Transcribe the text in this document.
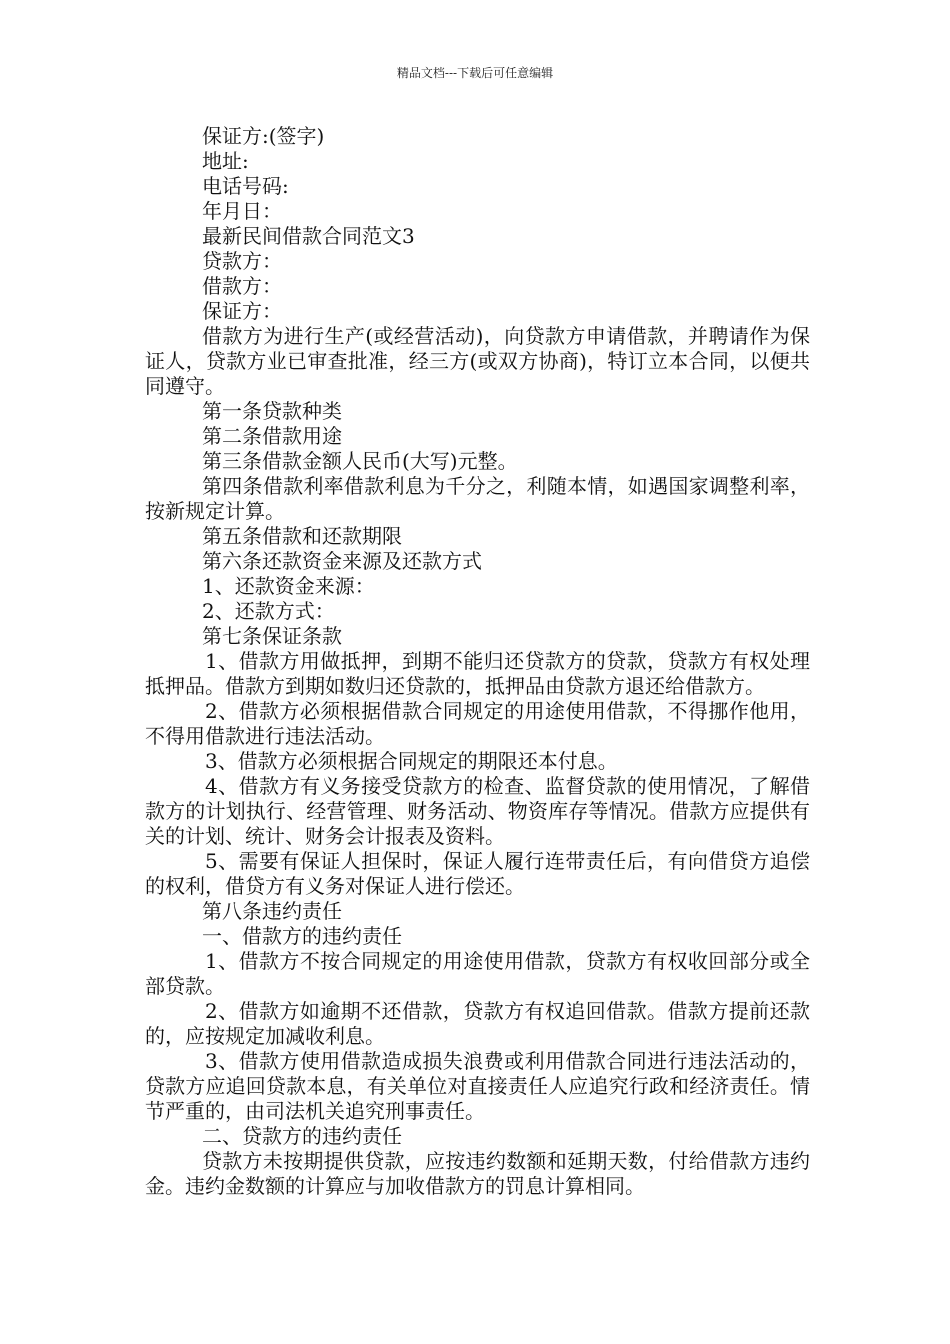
精品文档---下载后可任意编辑

保证方:(签字)

地址:

电话号码:

年月日：

最新民间借款合同范文3

贷款方：

借款方：

保证方：

借款方为进行生产(或经营活动)，向贷款方申请借款，并聘请作为保证人，贷款方业已审查批准，经三方(或双方协商)，特订立本合同，以便共同遵守。

第一条贷款种类

第二条借款用途

第三条借款金额人民币(大写)元整。

第四条借款利率借款利息为千分之，利随本情，如遇国家调整利率，按新规定计算。

第五条借款和还款期限

第六条还款资金来源及还款方式

1、还款资金来源：

2、还款方式：

第七条保证条款

1、借款方用做抵押，到期不能归还贷款方的贷款，贷款方有权处理抵押品。借款方到期如数归还贷款的，抵押品由贷款方退还给借款方。

2、借款方必须根据借款合同规定的用途使用借款，不得挪作他用，不得用借款进行违法活动。

3、借款方必须根据合同规定的期限还本付息。

4、借款方有义务接受贷款方的检查、监督贷款的使用情况，了解借款方的计划执行、经营管理、财务活动、物资库存等情况。借款方应提供有关的计划、统计、财务会计报表及资料。

5、需要有保证人担保时，保证人履行连带责任后，有向借贷方追偿的权利，借贷方有义务对保证人进行偿还。

第八条违约责任

一、借款方的违约责任

1、借款方不按合同规定的用途使用借款，贷款方有权收回部分或全部贷款。

2、借款方如逾期不还借款，贷款方有权追回借款。借款方提前还款的，应按规定加减收利息。

3、借款方使用借款造成损失浪费或利用借款合同进行违法活动的，贷款方应追回贷款本息，有关单位对直接责任人应追究行政和经济责任。情节严重的，由司法机关追究刑事责任。

二、贷款方的违约责任

贷款方未按期提供贷款，应按违约数额和延期天数，付给借款方违约金。违约金数额的计算应与加收借款方的罚息计算相同。
